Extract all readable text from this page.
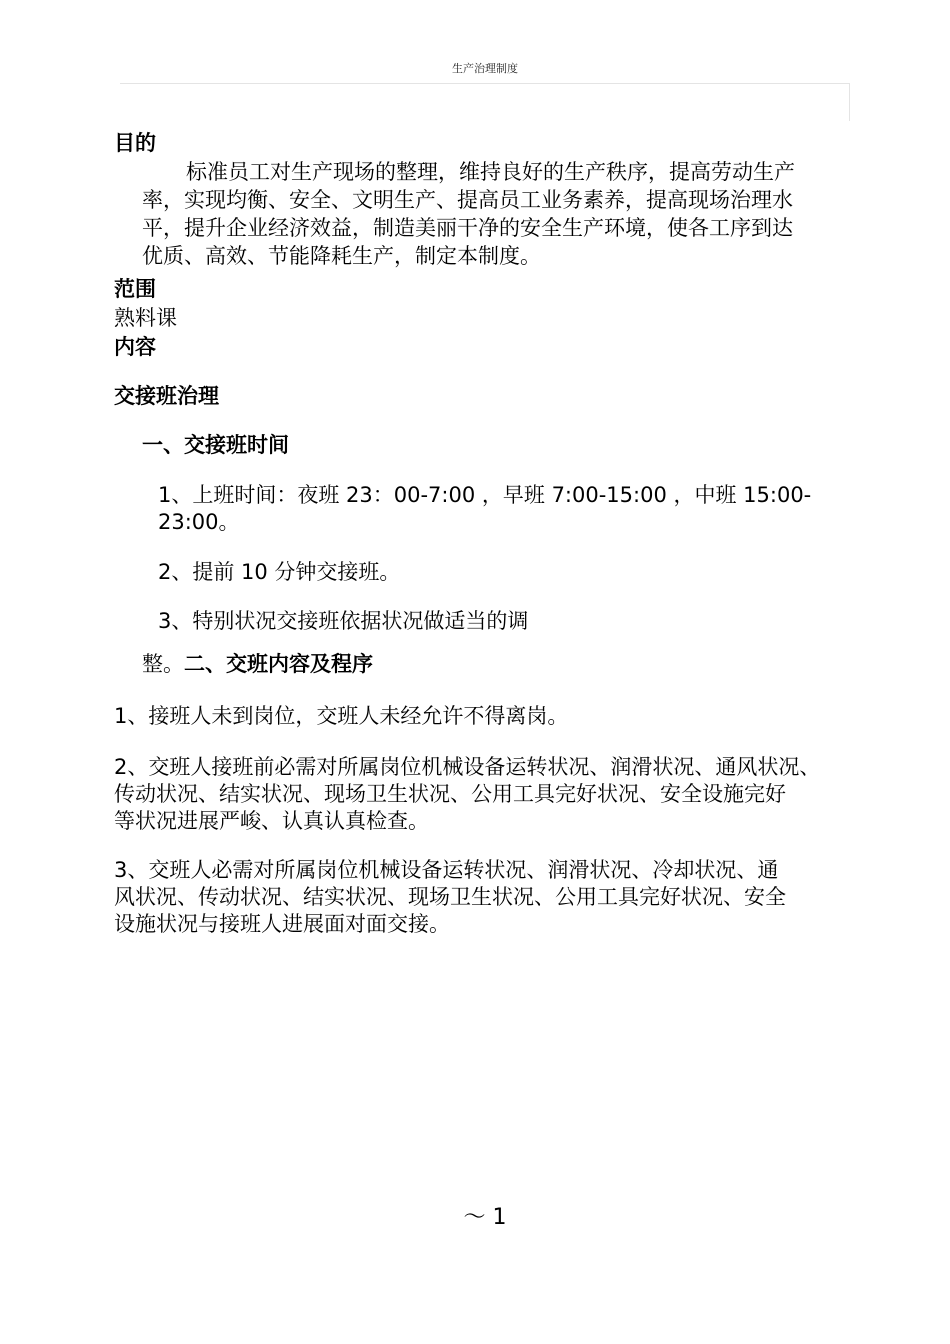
生产治理制度

目的

标准员工对生产现场的整理，维持良好的生产秩序，提高劳动生产
率，实现均衡、安全、文明生产、提高员工业务素养，提高现场治理水
平，提升企业经济效益，制造美丽干净的安全生产环境，使各工序到达
优质、高效、节能降耗生产，制定本制度。

范围

熟料课

内容

交接班治理

一、交接班时间

1、上班时间：夜班 23：00-7:00 ，早班 7:00-15:00 ，中班 15:00-
23:00。

2、提前 10 分钟交接班。

3、特别状况交接班依据状况做适当的调

整。二、交班内容及程序

1、接班人未到岗位，交班人未经允许不得离岗。

2、交班人接班前必需对所属岗位机械设备运转状况、润滑状况、通风状况、
传动状况、结实状况、现场卫生状况、公用工具完好状况、安全设施完好
等状况进展严峻、认真认真检查。

3、交班人必需对所属岗位机械设备运转状况、润滑状况、冷却状况、通
风状况、传动状况、结实状况、现场卫生状况、公用工具完好状况、安全
设施状况与接班人进展面对面交接。

～ 1
